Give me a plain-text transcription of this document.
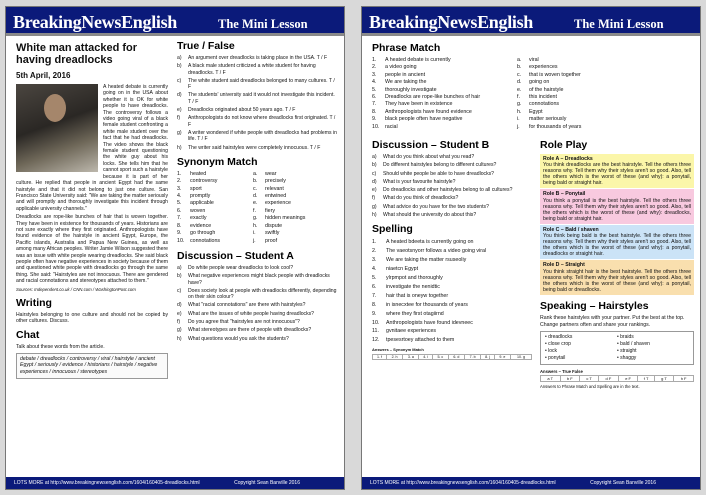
BreakingNewsEnglish	The Mini Lesson
White man attacked for having dreadlocks
5th April, 2016

A heated debate is currently going on in the USA about whether it is OK for white people to have dreadlocks. The controversy follows a video going viral of a black female student confronting a white male student over the fact that he had dreadlocks. The video shows the black female student questioning the white guy about his locks. She tells him that he cannot sport such a hairstyle because it is part of her culture. He replied that people in ancient Egypt had the same hairstyle and that it did not belong to just one culture. San Francisco State University said: "We are taking the matter seriously and will promptly and thoroughly investigate this incident through applicable university channels."

Dreadlocks are rope-like bunches of hair that is woven together. They have been in existence for thousands of years. Historians are not sure exactly where they first originated. Anthropologists have found evidence of the hairstyle in ancient Egypt, Europe, the Pacific islands, Australia and Papua New Guinea, as well as among many African peoples. Writer Jamie Wilson suggested there was an issue with white people wearing dreadlocks. She said black people often have negative experiences in society because of them and questioned white people with dreadlocks go through the same thing. She said: "Hairstyles are not innocuous. There are gendered and racial connotations and stereotypes attached to them."

Sources: Independent.co.uk / CNN.com / WashingtonPost.com

Writing

Hairstyles belonging to one culture and should not be copied by other cultures. Discuss.

Chat

Talk about these words from the article.

debate / dreadlocks / controversy / viral / hairstyle / ancient Egypt / seriously / evidence / historians / hairstyle / negative experiences / innocuous / stereotypes
True / False
a)	An argument over dreadlocks is taking place in the USA. T / F
b)	A black male student criticized a white student for having dreadlocks. T / F
c)	The white student said dreadlocks belonged to many cultures. T / F
d)	The students' university said it would not investigate this incident. T / F
e)	Dreadlocks originated about 50 years ago. T / F
f)	Anthropologists do not know where dreadlocks first originated. T / F
g)	A writer wondered if white people with dreadlocks had problems in life. T / F
h)	The writer said hairstyles were completely innocuous. T / F
Synonym Match
1.	heated	a.	wear
2.	controversy	b.	precisely
3.	sport	c.	relevant
4.	promptly	d.	entwined
5.	applicable	e.	experience
6.	woven	f.	fiery
7.	exactly	g.	hidden meanings
8.	evidence	h.	dispute
9.	go through	i.	swiftly
10.	connotations	j.	proof
Discussion – Student A
a)	Do white people wear dreadlocks to look cool?
b)	What negative experiences might black people with dreadlocks have?
c)	Does society look at people with dreadlocks differently, depending on their skin colour?
d)	What "racial connotations" are there with hairstyles?
e)	What are the issues of white people having dreadlocks?
f)	Do you agree that "hairstyles are not innocuous"?
g)	What stereotypes are there of people with dreadlocks?
h)	What questions would you ask the students?
LOTS MORE at http://www.breakingnewsenglish.com/1604/160405-dreadlocks.html	Copyright Sean Banville 2016
BreakingNewsEnglish	The Mini Lesson
Phrase Match
1.	A heated debate is currently	a.	viral
2.	a video going	b.	experiences
3.	people in ancient	c.	that is woven together
4.	We are taking the	d.	going on
5.	thoroughly investigate	e.	of the hairstyle
6.	Dreadlocks are rope-like bunches of hair	f.	this incident
7.	They have been in existence	g.	connotations
8.	Anthropologists have found evidence	h.	Egypt
9.	black people often have negative	i.	matter seriously
10.	racial	j.	for thousands of years
Discussion – Student B
a)	What do you think about what you read?
b)	Do different hairstyles belong to different cultures?
c)	Should white people be able to have dreadlocks?
d)	What is your favourite hairstyle?
e)	Do dreadlocks and other hairstyles belong to all cultures?
f)	What do you think of dreadlocks?
g)	What advice do you have for the two students?
h)	What should the university do about this?
Spelling
1.	A heated bdeeta is currently going on
2.	The vaeotsnyorr follows a video going viral
3.	We are taking the matter rsuseoliy
4.	niaetcn Egypt
5.	ylrpmpot and thoroughly
6.	investigate the nenidtic
7.	hair that is oneyw together
8.	in isnecxtee for thousands of years
9.	where they first otagiirnd
10.	Anthropologists have found idevneec
11.	gvnitaee experiences
12.	tpesesrtoey attached to them
Answers – Synonym Match
1. f	2. h	3. a	4. i	5. c	6. d	7. b	8. j	9. e	10. g
Role Play
Role A – Dreadlocks
You think dreadlocks are the best hairstyle. Tell the others three reasons why. Tell them why their styles aren't so good. Also, tell the others which is the worst of these (and why): a ponytail, being bald or straight hair.
Role B – Ponytail
You think a ponytail is the best hairstyle. Tell the others three reasons why. Tell them why their styles aren't so good. Also, tell the others which is the worst of these (and why): dreadlocks, being bald or straight hair.
Role C – Bald / shaven
You think being bald is the best hairstyle. Tell the others three reasons why. Tell them why their styles aren't so good. Also, tell the others which is the worst of these (and why): a ponytail, dreadlocks or straight hair.
Role D – Straight
You think straight hair is the best hairstyle. Tell the others three reasons why. Tell them why their styles aren't so good. Also, tell the others which is the worst of these (and why): a ponytail, being bald or dreadlocks.
Speaking – Hairstyles

Rank these hairstyles with your partner. Put the best at the top. Change partners often and share your rankings.

• dreadlocks	• braids
• close crop	• bald / shaven
• lock	• straight
• ponytail	• shaggy
Answers – True False
a T	b F	c T	d F	e F	f T	g T	h F
Answers to Phrase Match and Spelling are in the text.
LOTS MORE at http://www.breakingnewsenglish.com/1604/160405-dreadlocks.html	Copyright Sean Banville 2016
